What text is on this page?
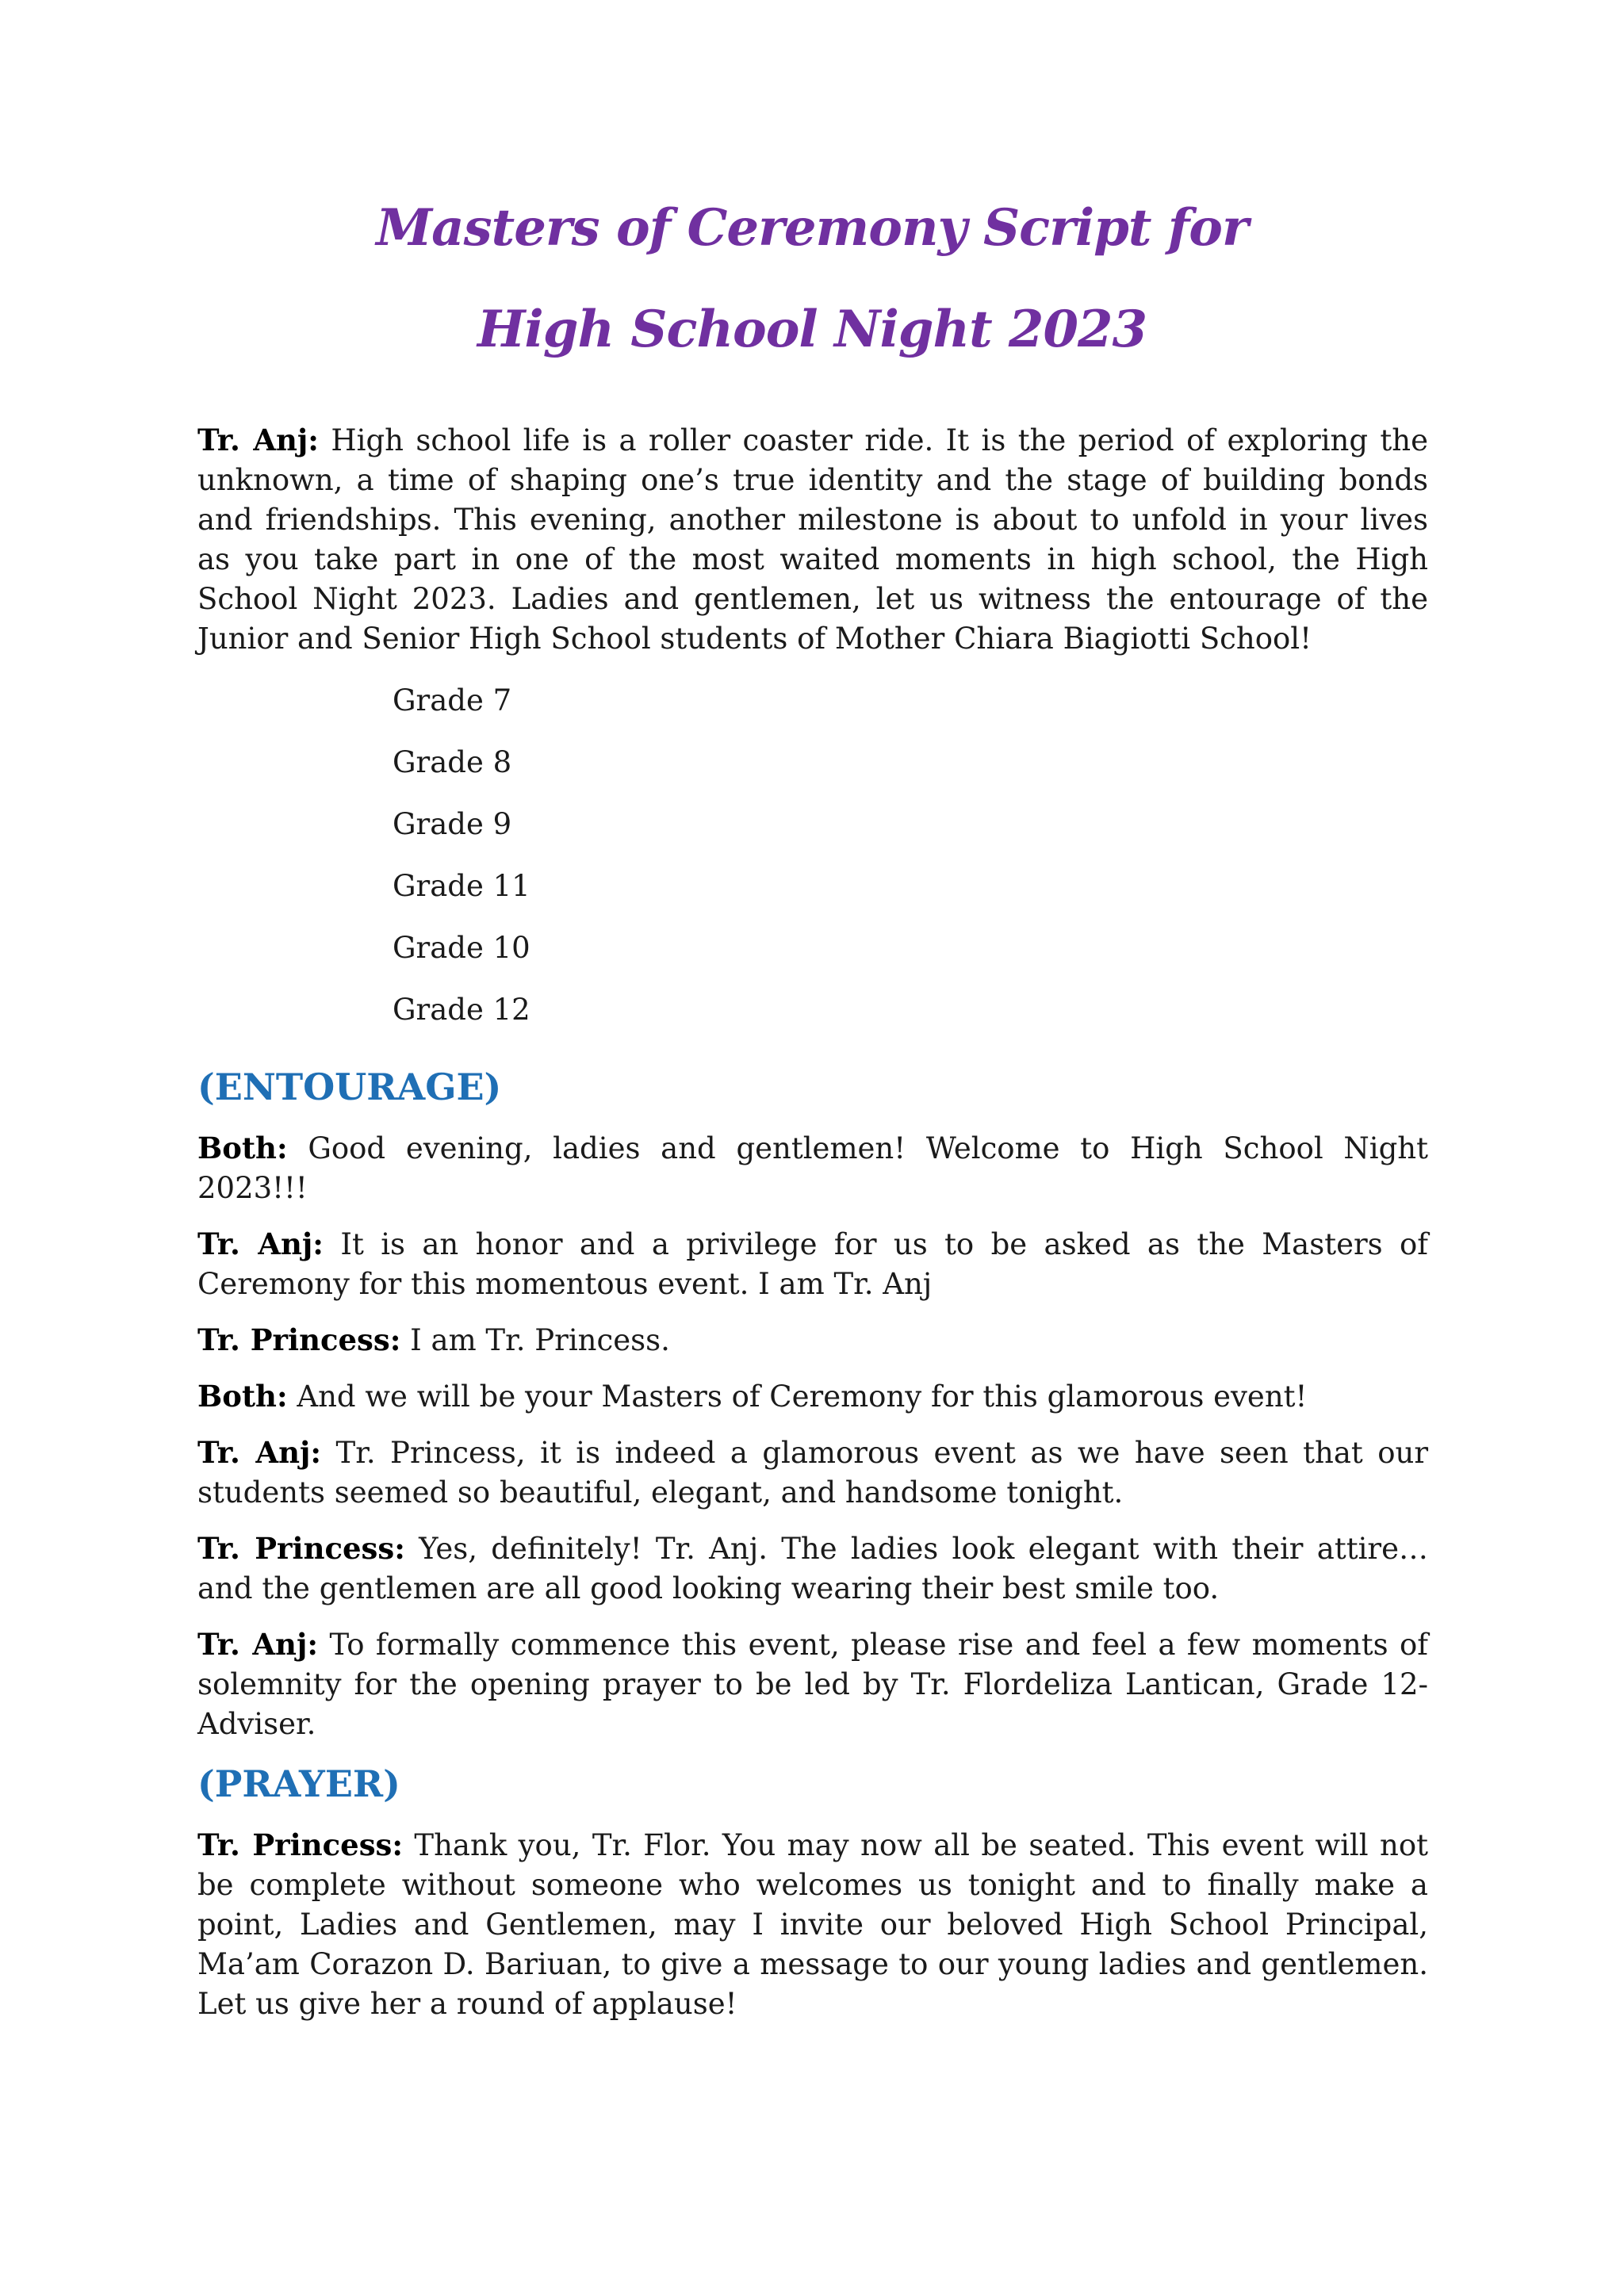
Masters of Ceremony Script for
High School Night 2023

Tr. Anj: High school life is a roller coaster ride. It is the period of exploring the unknown, a time of shaping one’s true identity and the stage of building bonds and friendships. This evening, another milestone is about to unfold in your lives as you take part in one of the most waited moments in high school, the High School Night 2023. Ladies and gentlemen, let us witness the entourage of the Junior and Senior High School students of Mother Chiara Biagiotti School!

Grade 7
Grade 8
Grade 9
Grade 11
Grade 10
Grade 12
(ENTOURAGE)

Both: Good evening, ladies and gentlemen! Welcome to High School Night 2023!!!

Tr. Anj: It is an honor and a privilege for us to be asked as the Masters of Ceremony for this momentous event. I am Tr. Anj

Tr. Princess: I am Tr. Princess.

Both: And we will be your Masters of Ceremony for this glamorous event!

Tr. Anj: Tr. Princess, it is indeed a glamorous event as we have seen that our students seemed so beautiful, elegant, and handsome tonight.

Tr. Princess: Yes, definitely! Tr. Anj. The ladies look elegant with their attire… and the gentlemen are all good looking wearing their best smile too.

Tr. Anj: To formally commence this event, please rise and feel a few moments of solemnity for the opening prayer to be led by Tr. Flordeliza Lantican, Grade 12-Adviser.

(PRAYER)

Tr. Princess: Thank you, Tr. Flor. You may now all be seated. This event will not be complete without someone who welcomes us tonight and to finally make a point, Ladies and Gentlemen, may I invite our beloved High School Principal, Ma’am Corazon D. Bariuan, to give a message to our young ladies and gentlemen. Let us give her a round of applause!
